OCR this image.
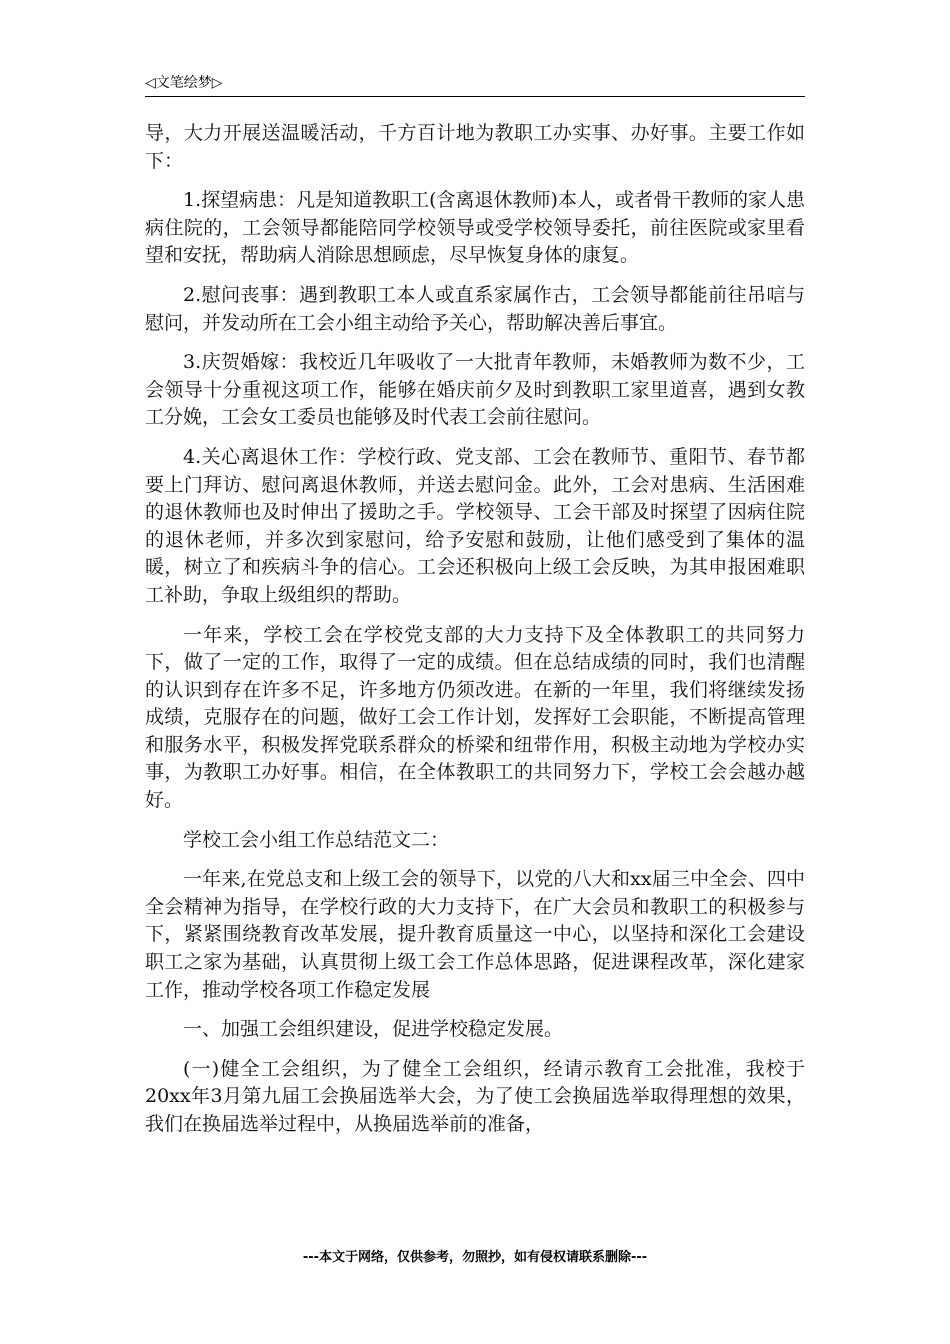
◁文笔绘梦▷

导，大力开展送温暖活动，千方百计地为教职工办实事、办好事。主要工作如下：

1.探望病患：凡是知道教职工(含离退休教师)本人，或者骨干教师的家人患病住院的，工会领导都能陪同学校领导或受学校领导委托，前往医院或家里看望和安抚，帮助病人消除思想顾虑，尽早恢复身体的康复。

2.慰问丧事：遇到教职工本人或直系家属作古，工会领导都能前往吊唁与慰问，并发动所在工会小组主动给予关心，帮助解决善后事宜。

3.庆贺婚嫁：我校近几年吸收了一大批青年教师，未婚教师为数不少，工会领导十分重视这项工作，能够在婚庆前夕及时到教职工家里道喜，遇到女教工分娩，工会女工委员也能够及时代表工会前往慰问。

4.关心离退休工作：学校行政、党支部、工会在教师节、重阳节、春节都要上门拜访、慰问离退休教师，并送去慰问金。此外，工会对患病、生活困难的退休教师也及时伸出了援助之手。学校领导、工会干部及时探望了因病住院的退休老师，并多次到家慰问，给予安慰和鼓励，让他们感受到了集体的温暖，树立了和疾病斗争的信心。工会还积极向上级工会反映，为其申报困难职工补助，争取上级组织的帮助。

一年来，学校工会在学校党支部的大力支持下及全体教职工的共同努力下，做了一定的工作，取得了一定的成绩。但在总结成绩的同时，我们也清醒的认识到存在许多不足，许多地方仍须改进。在新的一年里，我们将继续发扬成绩，克服存在的问题，做好工会工作计划，发挥好工会职能，不断提高管理和服务水平，积极发挥党联系群众的桥梁和纽带作用，积极主动地为学校办实事，为教职工办好事。相信，在全体教职工的共同努力下，学校工会会越办越好。

学校工会小组工作总结范文二：

一年来,在党总支和上级工会的领导下，以党的八大和xx届三中全会、四中全会精神为指导，在学校行政的大力支持下，在广大会员和教职工的积极参与下，紧紧围绕教育改革发展，提升教育质量这一中心，以坚持和深化工会建设职工之家为基础，认真贯彻上级工会工作总体思路，促进课程改革，深化建家工作，推动学校各项工作稳定发展

一、加强工会组织建设，促进学校稳定发展。

(一)健全工会组织，为了健全工会组织，经请示教育工会批准，我校于20xx年3月第九届工会换届选举大会，为了使工会换届选举取得理想的效果，我们在换届选举过程中，从换届选举前的准备，

---本文于网络，仅供参考，勿照抄，如有侵权请联系删除---
